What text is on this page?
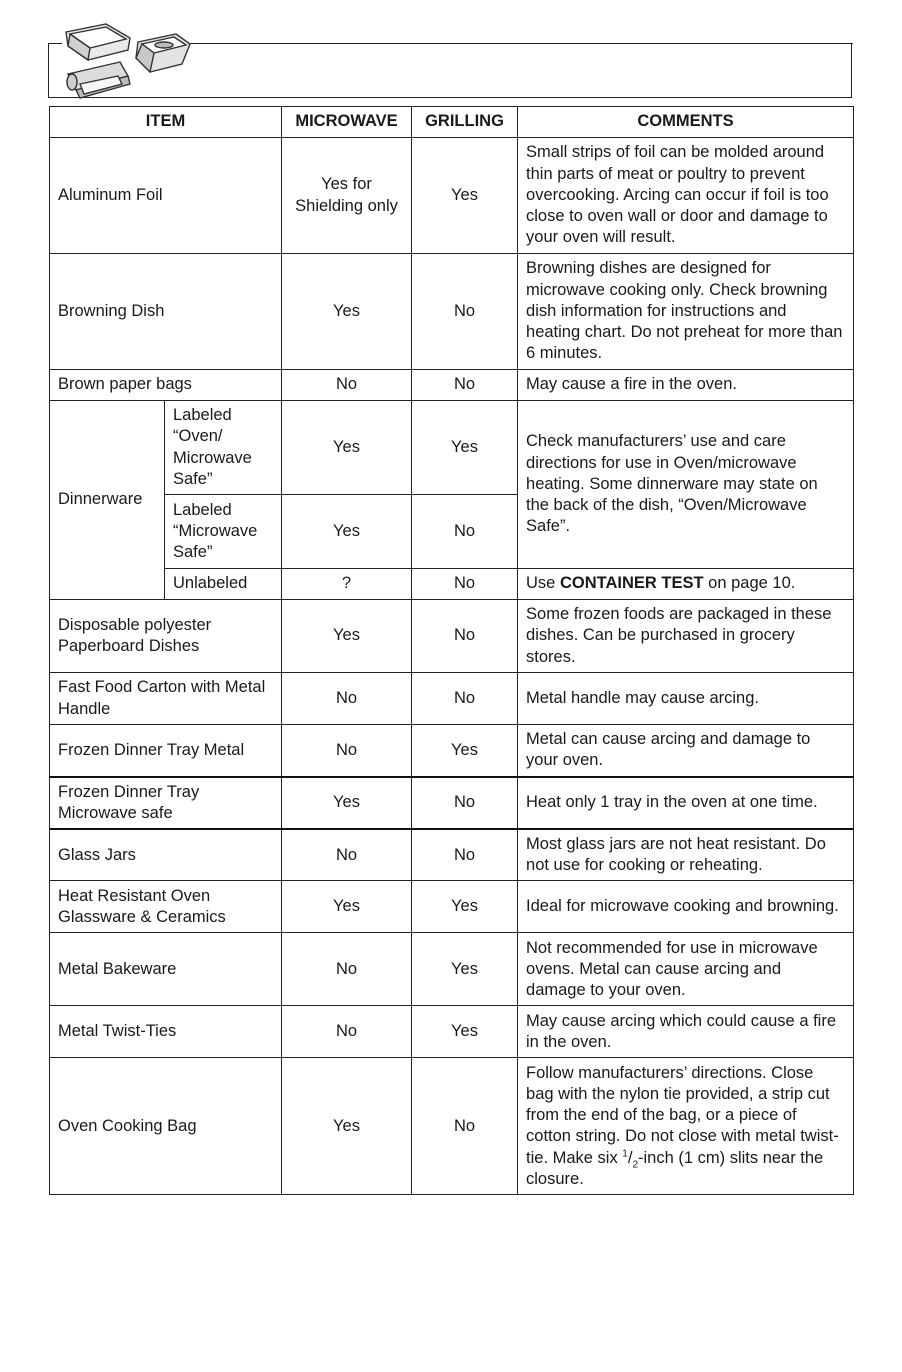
ITEM		MICROWAVE	GRILLING	COMMENTS
Aluminum Foil		Yes for Shielding only	Yes	Small strips of foil can be molded around thin parts of meat or poultry to prevent overcooking. Arcing can occur if foil is too close to oven wall or door and damage to your oven will result.
Browning Dish		Yes	No	Browning dishes are designed for microwave cooking only. Check browning dish information for instructions and heating chart. Do not preheat for more than 6 minutes.
Brown paper bags		No	No	May cause a fire in the oven.
Dinnerware	Labeled “Oven/ Microwave Safe”	Yes	Yes	Check manufacturers’ use and care directions for use in Oven/microwave heating. Some dinnerware may state on the back of the dish, “Oven/Microwave Safe”.
	Labeled “Microwave Safe”	Yes	No	
	Unlabeled	?	No	Use CONTAINER TEST on page 10.
Disposable polyester Paperboard Dishes		Yes	No	Some frozen foods are packaged in these dishes. Can be purchased in grocery stores.
Fast Food Carton with Metal Handle		No	No	Metal handle may cause arcing.
Frozen Dinner Tray Metal		No	Yes	Metal can cause arcing and damage to your oven.
Frozen Dinner Tray Microwave safe		Yes	No	Heat only 1 tray in the oven at one time.
Glass Jars		No	No	Most glass jars are not heat resistant. Do not use for cooking or reheating.
Heat Resistant Oven Glassware & Ceramics		Yes	Yes	Ideal for microwave cooking and browning.
Metal Bakeware		No	Yes	Not recommended for use in microwave ovens. Metal can cause arcing and damage to your oven.
Metal Twist-Ties		No	Yes	May cause arcing which could cause a fire in the oven.
Oven Cooking Bag		Yes	No	Follow manufacturers’ directions. Close bag with the nylon tie provided, a strip cut from the end of the bag, or a piece of cotton string. Do not close with metal twist-tie. Make six $^1/_2$-inch (1 cm) slits near the closure.
